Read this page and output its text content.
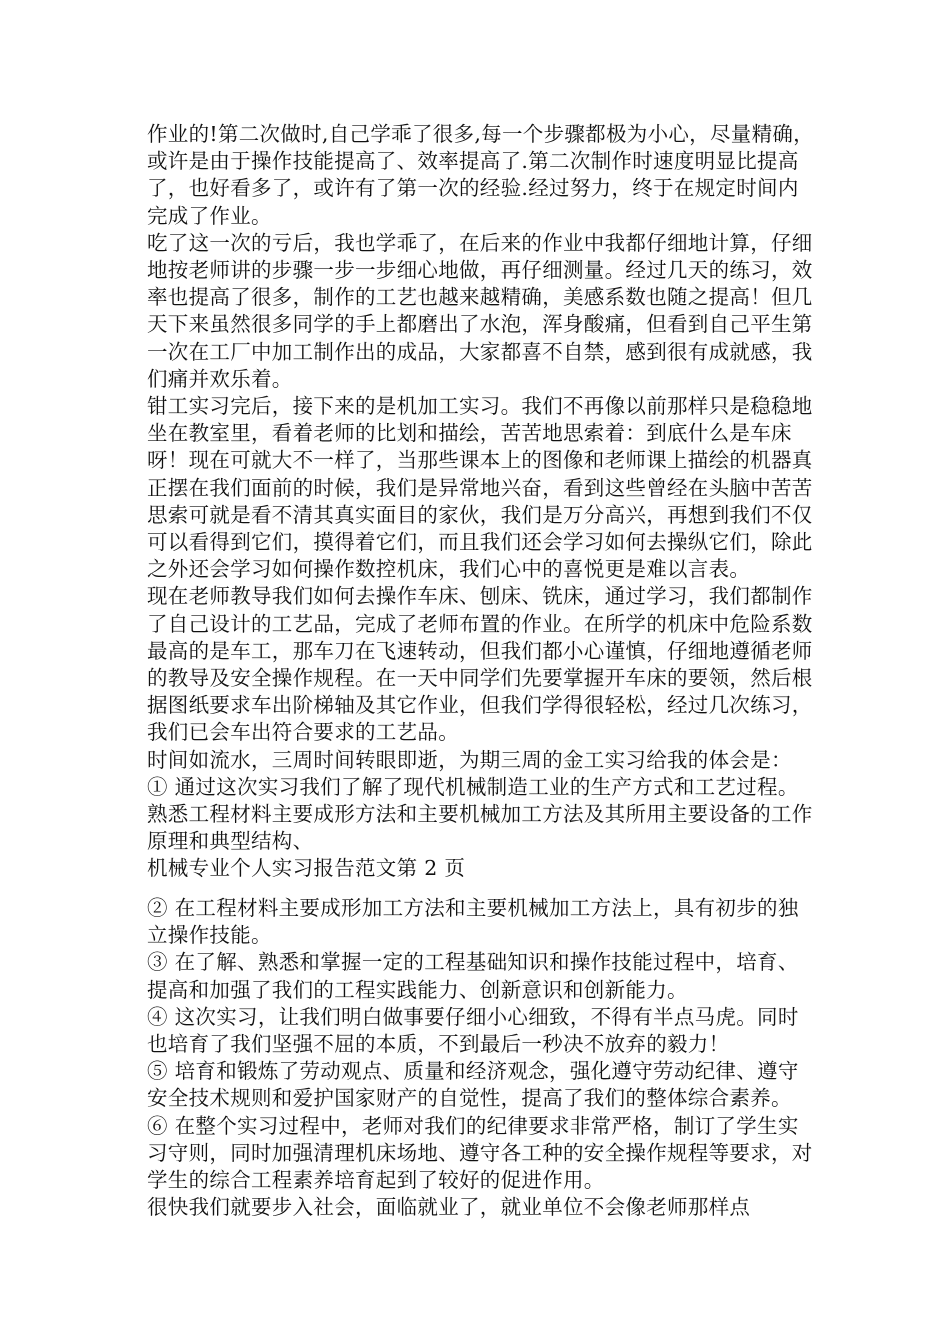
作业的!第二次做时,自己学乖了很多,每一个步骤都极为小心，尽量精确，或许是由于操作技能提高了、效率提高了.第二次制作时速度明显比提高了，也好看多了，或许有了第一次的经验.经过努力，终于在规定时间内完成了作业。

吃了这一次的亏后，我也学乖了，在后来的作业中我都仔细地计算，仔细地按老师讲的步骤一步一步细心地做，再仔细测量。经过几天的练习，效率也提高了很多，制作的工艺也越来越精确，美感系数也随之提高！但几天下来虽然很多同学的手上都磨出了水泡，浑身酸痛，但看到自己平生第一次在工厂中加工制作出的成品，大家都喜不自禁，感到很有成就感，我们痛并欢乐着。

钳工实习完后，接下来的是机加工实习。我们不再像以前那样只是稳稳地坐在教室里，看着老师的比划和描绘，苦苦地思索着：到底什么是车床呀！现在可就大不一样了，当那些课本上的图像和老师课上描绘的机器真正摆在我们面前的时候，我们是异常地兴奋，看到这些曾经在头脑中苦苦思索可就是看不清其真实面目的家伙，我们是万分高兴，再想到我们不仅可以看得到它们，摸得着它们，而且我们还会学习如何去操纵它们，除此之外还会学习如何操作数控机床，我们心中的喜悦更是难以言表。

现在老师教导我们如何去操作车床、刨床、铣床，通过学习，我们都制作了自己设计的工艺品，完成了老师布置的作业。在所学的机床中危险系数最高的是车工，那车刀在飞速转动，但我们都小心谨慎，仔细地遵循老师的教导及安全操作规程。在一天中同学们先要掌握开车床的要领，然后根据图纸要求车出阶梯轴及其它作业，但我们学得很轻松，经过几次练习，我们已会车出符合要求的工艺品。

时间如流水，三周时间转眼即逝，为期三周的金工实习给我的体会是：

① 通过这次实习我们了解了现代机械制造工业的生产方式和工艺过程。熟悉工程材料主要成形方法和主要机械加工方法及其所用主要设备的工作原理和典型结构、

机械专业个人实习报告范文第 2 页

② 在工程材料主要成形加工方法和主要机械加工方法上，具有初步的独立操作技能。

③ 在了解、熟悉和掌握一定的工程基础知识和操作技能过程中，培育、提高和加强了我们的工程实践能力、创新意识和创新能力。

④ 这次实习，让我们明白做事要仔细小心细致，不得有半点马虎。同时也培育了我们坚强不屈的本质，不到最后一秒决不放弃的毅力！

⑤ 培育和锻炼了劳动观点、质量和经济观念，强化遵守劳动纪律、遵守安全技术规则和爱护国家财产的自觉性，提高了我们的整体综合素养。

⑥ 在整个实习过程中，老师对我们的纪律要求非常严格，制订了学生实习守则，同时加强清理机床场地、遵守各工种的安全操作规程等要求，对学生的综合工程素养培育起到了较好的促进作用。

很快我们就要步入社会，面临就业了，就业单位不会像老师那样点
